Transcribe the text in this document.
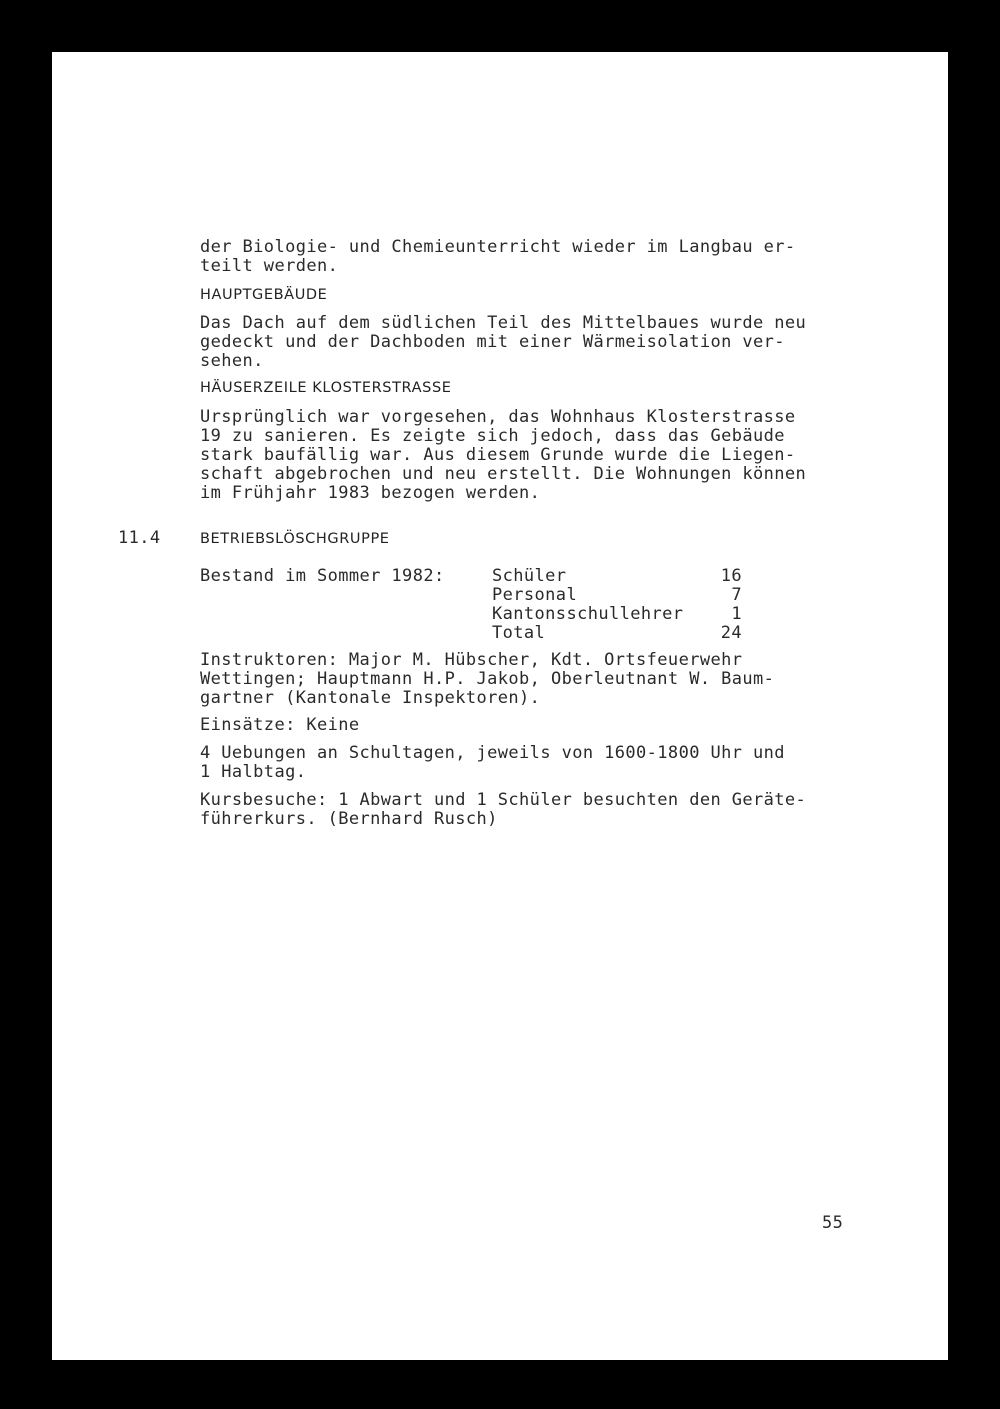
der Biologie- und Chemieunterricht wieder im Langbau er-
teilt werden.
HAUPTGEBÄUDE
Das Dach auf dem südlichen Teil des Mittelbaues wurde neu
gedeckt und der Dachboden mit einer Wärmeisolation ver-
sehen.
HÄUSERZEILE KLOSTERSTRASSE
Ursprünglich war vorgesehen, das Wohnhaus Klosterstrasse
19 zu sanieren. Es zeigte sich jedoch, dass das Gebäude
stark baufällig war. Aus diesem Grunde wurde die Liegen-
schaft abgebrochen und neu erstellt. Die Wohnungen können
im Frühjahr 1983 bezogen werden.
11.4	BETRIEBSLÖSCHGRUPPE
Bestand im Sommer 1982:	Schüler	16
Personal	7
Kantonsschullehrer	1
Total	24
Instruktoren: Major M. Hübscher, Kdt. Ortsfeuerwehr
Wettingen; Hauptmann H.P. Jakob, Oberleutnant W. Baum-
gartner (Kantonale Inspektoren).
Einsätze: Keine
4 Uebungen an Schultagen, jeweils von 1600-1800 Uhr und
1 Halbtag.
Kursbesuche: 1 Abwart und 1 Schüler besuchten den Geräte-
führerkurs. (Bernhard Rusch)
55
